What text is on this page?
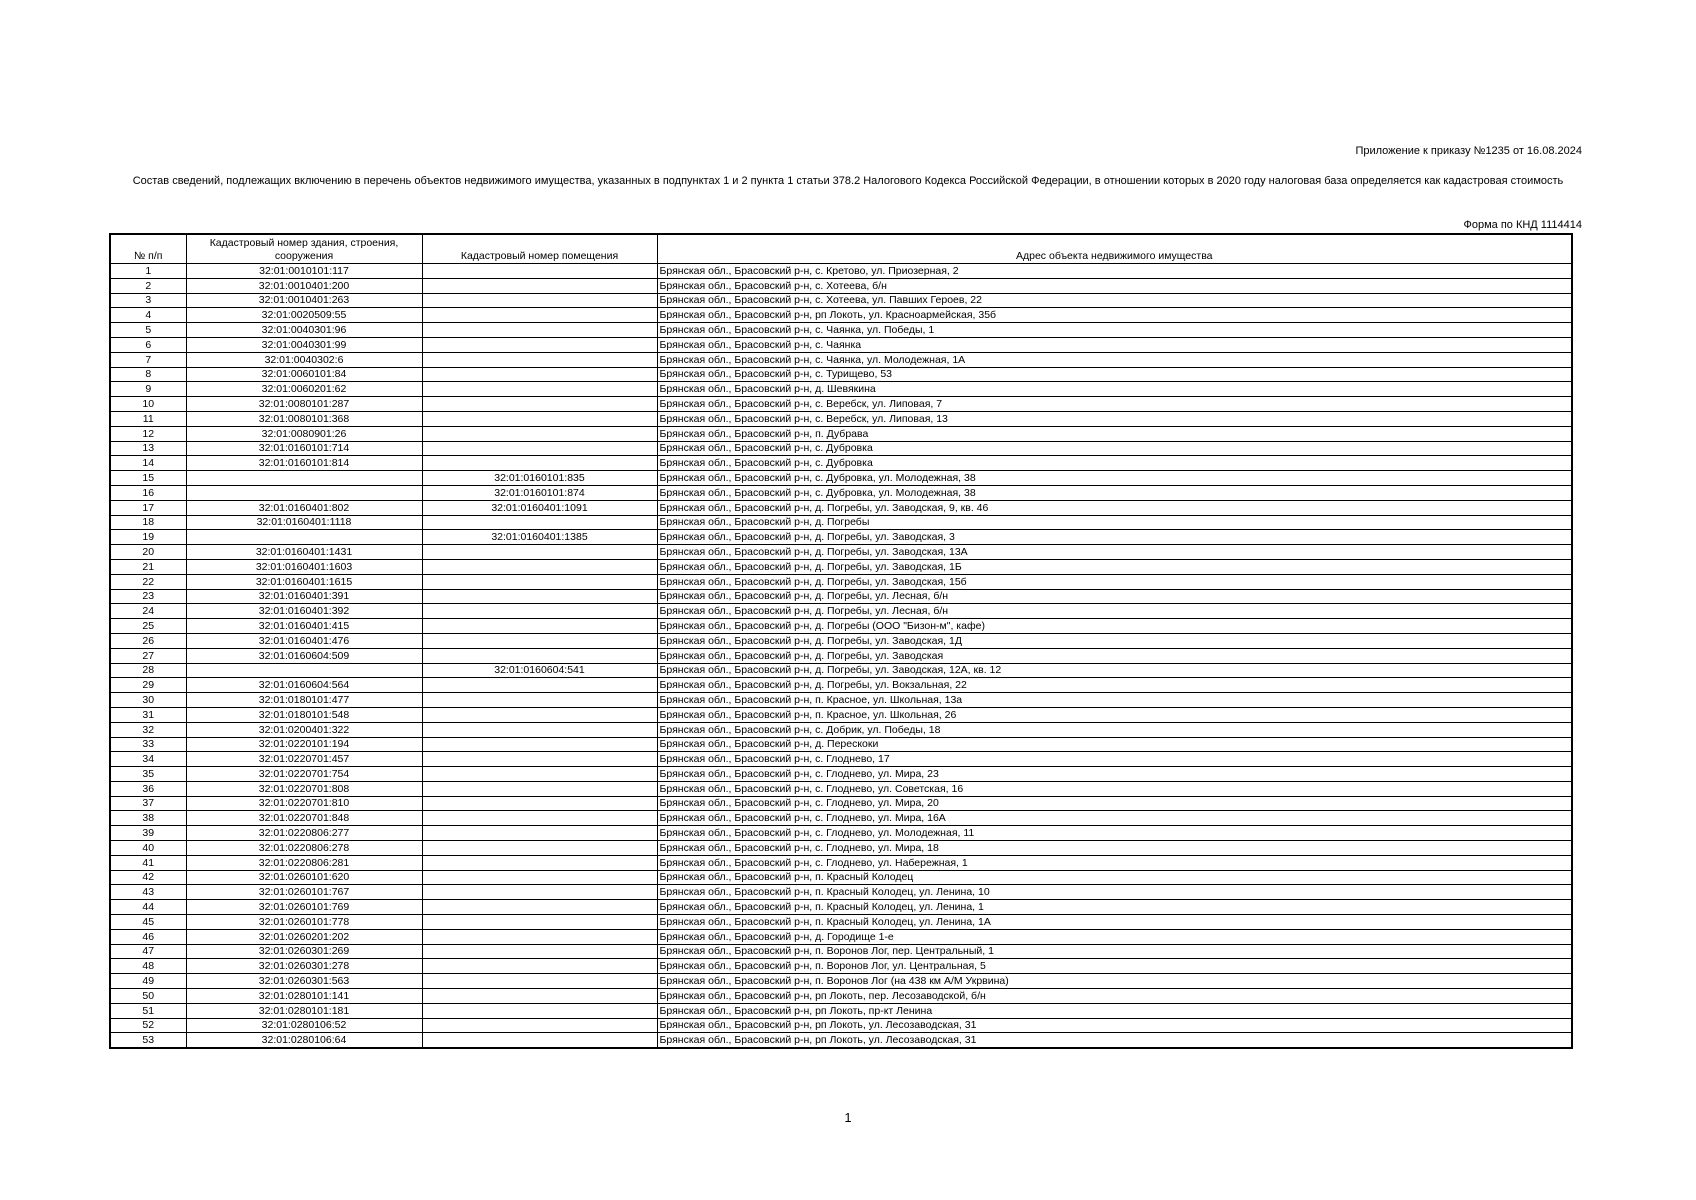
Приложение к приказу №1235 от 16.08.2024
Состав сведений, подлежащих включению в перечень объектов недвижимого имущества, указанных в подпунктах 1 и 2 пункта 1 статьи 378.2 Налогового Кодекса Российской Федерации, в отношении которых в 2020 году налоговая база определяется как кадастровая стоимость
Форма по КНД 1114414
№ п/п	Кадастровый номер здания, строения, сооружения	Кадастровый номер помещения	Адрес объекта недвижимого имущества
1	32:01:0010101:117		Брянская обл., Брасовский р-н, с. Кретово, ул. Приозерная, 2
2	32:01:0010401:200		Брянская обл., Брасовский р-н, с. Хотеева, б/н
3	32:01:0010401:263		Брянская обл., Брасовский р-н, с. Хотеева, ул. Павших Героев, 22
4	32:01:0020509:55		Брянская обл., Брасовский р-н, рп Локоть, ул. Красноармейская, 35б
5	32:01:0040301:96		Брянская обл., Брасовский р-н, с. Чаянка, ул. Победы, 1
6	32:01:0040301:99		Брянская обл., Брасовский р-н, с. Чаянка
7	32:01:0040302:6		Брянская обл., Брасовский р-н, с. Чаянка, ул. Молодежная, 1А
8	32:01:0060101:84		Брянская обл., Брасовский р-н, с. Турищево, 53
9	32:01:0060201:62		Брянская обл., Брасовский р-н, д. Шевякина
10	32:01:0080101:287		Брянская обл., Брасовский р-н, с. Веребск, ул. Липовая, 7
11	32:01:0080101:368		Брянская обл., Брасовский р-н, с. Веребск, ул. Липовая, 13
12	32:01:0080901:26		Брянская обл., Брасовский р-н, п. Дубрава
13	32:01:0160101:714		Брянская обл., Брасовский р-н, с. Дубровка
14	32:01:0160101:814		Брянская обл., Брасовский р-н, с. Дубровка
15		32:01:0160101:835	Брянская обл., Брасовский р-н, с. Дубровка, ул. Молодежная, 38
16		32:01:0160101:874	Брянская обл., Брасовский р-н, с. Дубровка, ул. Молодежная, 38
17	32:01:0160401:802	32:01:0160401:1091	Брянская обл., Брасовский р-н, д. Погребы, ул. Заводская, 9, кв. 46
18	32:01:0160401:1118		Брянская обл., Брасовский р-н, д. Погребы
19		32:01:0160401:1385	Брянская обл., Брасовский р-н, д. Погребы, ул. Заводская, 3
20	32:01:0160401:1431		Брянская обл., Брасовский р-н, д. Погребы, ул. Заводская, 13А
21	32:01:0160401:1603		Брянская обл., Брасовский р-н, д. Погребы, ул. Заводская, 1Б
22	32:01:0160401:1615		Брянская обл., Брасовский р-н, д. Погребы, ул. Заводская, 15б
23	32:01:0160401:391		Брянская обл., Брасовский р-н, д. Погребы, ул. Лесная, б/н
24	32:01:0160401:392		Брянская обл., Брасовский р-н, д. Погребы, ул. Лесная, б/н
25	32:01:0160401:415		Брянская обл., Брасовский р-н, д. Погребы (ООО "Бизон-м", кафе)
26	32:01:0160401:476		Брянская обл., Брасовский р-н, д. Погребы, ул. Заводская, 1Д
27	32:01:0160604:509		Брянская обл., Брасовский р-н, д. Погребы, ул. Заводская
28		32:01:0160604:541	Брянская обл., Брасовский р-н, д. Погребы, ул. Заводская, 12А, кв. 12
29	32:01:0160604:564		Брянская обл., Брасовский р-н, д. Погребы, ул. Вокзальная, 22
30	32:01:0180101:477		Брянская обл., Брасовский р-н, п. Красное, ул. Школьная, 13а
31	32:01:0180101:548		Брянская обл., Брасовский р-н, п. Красное, ул. Школьная, 26
32	32:01:0200401:322		Брянская обл., Брасовский р-н, с. Добрик, ул. Победы, 18
33	32:01:0220101:194		Брянская обл., Брасовский р-н, д. Перескоки
34	32:01:0220701:457		Брянская обл., Брасовский р-н, с. Глоднево, 17
35	32:01:0220701:754		Брянская обл., Брасовский р-н, с. Глоднево, ул. Мира, 23
36	32:01:0220701:808		Брянская обл., Брасовский р-н, с. Глоднево, ул. Советская, 16
37	32:01:0220701:810		Брянская обл., Брасовский р-н, с. Глоднево, ул. Мира, 20
38	32:01:0220701:848		Брянская обл., Брасовский р-н, с. Глоднево, ул. Мира, 16А
39	32:01:0220806:277		Брянская обл., Брасовский р-н, с. Глоднево, ул. Молодежная, 11
40	32:01:0220806:278		Брянская обл., Брасовский р-н, с. Глоднево, ул. Мира, 18
41	32:01:0220806:281		Брянская обл., Брасовский р-н, с. Глоднево, ул. Набережная, 1
42	32:01:0260101:620		Брянская обл., Брасовский р-н, п. Красный Колодец
43	32:01:0260101:767		Брянская обл., Брасовский р-н, п. Красный Колодец, ул. Ленина, 10
44	32:01:0260101:769		Брянская обл., Брасовский р-н, п. Красный Колодец, ул. Ленина, 1
45	32:01:0260101:778		Брянская обл., Брасовский р-н, п. Красный Колодец, ул. Ленина, 1А
46	32:01:0260201:202		Брянская обл., Брасовский р-н, д. Городище 1-е
47	32:01:0260301:269		Брянская обл., Брасовский р-н, п. Воронов Лог, пер. Центральный, 1
48	32:01:0260301:278		Брянская обл., Брасовский р-н, п. Воронов Лог, ул. Центральная, 5
49	32:01:0260301:563		Брянская обл., Брасовский р-н, п. Воронов Лог (на 438 км А/М Укрвина)
50	32:01:0280101:141		Брянская обл., Брасовский р-н, рп Локоть, пер. Лесозаводской, б/н
51	32:01:0280101:181		Брянская обл., Брасовский р-н, рп Локоть, пр-кт Ленина
52	32:01:0280106:52		Брянская обл., Брасовский р-н, рп Локоть, ул. Лесозаводская, 31
53	32:01:0280106:64		Брянская обл., Брасовский р-н, рп Локоть, ул. Лесозаводская, 31
1
